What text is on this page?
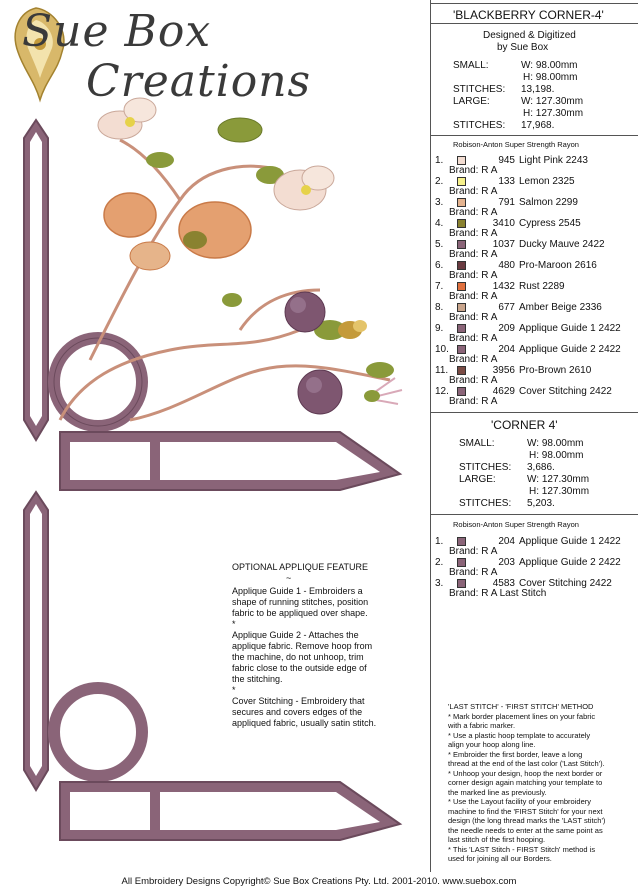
Sue Box
Creations
OPTIONAL APPLIQUE FEATURE
~
Applique Guide 1 - Embroiders a
shape of running stitches, position
fabric to be appliqued over shape.
*
Applique Guide 2 - Attaches the
applique fabric. Remove hoop from
the machine, do not unhoop, trim
fabric close to the outside edge of
the stitching.
*
Cover Stitching - Embroidery that
secures and covers edges of the
appliqued fabric, usually satin stitch.
'BLACKBERRY CORNER-4'
Designed & Digitized
by Sue Box
SMALL:	W: 98.00mm
H: 98.00mm
STITCHES: 13,198.
LARGE:	W: 127.30mm
H: 127.30mm
STITCHES: 17,968.
Robison-Anton Super Strength Rayon
1.	945 Light Pink 2243
Brand: R A
2.	133 Lemon 2325
Brand: R A
3.	791 Salmon 2299
Brand: R A
4.	3410 Cypress 2545
Brand: R A
5.	1037 Ducky Mauve 2422
Brand: R A
6.	480 Pro-Maroon 2616
Brand: R A
7.	1432 Rust 2289
Brand: R A
8.	677 Amber Beige 2336
Brand: R A
9.	209 Applique Guide 1 2422
Brand: R A
10.	204 Applique Guide 2 2422
Brand: R A
11.	3956 Pro-Brown 2610
Brand: R A
12.	4629 Cover Stitching 2422
Brand: R A
'CORNER 4'
SMALL:	W: 98.00mm
H: 98.00mm
STITCHES: 3,686.
LARGE:	W: 127.30mm
H: 127.30mm
STITCHES: 5,203.
Robison-Anton Super Strength Rayon
1.	204 Applique Guide 1 2422
Brand: R A
2.	203 Applique Guide 2 2422
Brand: R A
3.	4583 Cover Stitching 2422
Brand: R A Last Stitch
'LAST STITCH' - 'FIRST STITCH' METHOD
* Mark border placement lines on your fabric
with a fabric marker.
* Use a plastic hoop template to accurately
align your hoop along line.
* Embroider the first border, leave a long
thread at the end of the last color ('Last Stitch').
* Unhoop your design, hoop the next border or
corner design again matching your template to
the marked line as previously.
* Use the Layout facility of your embroidery
machine to find the 'FIRST Stitch' for your next
design (the long thread marks the 'LAST stitch')
the needle needs to enter at the same point as
last stitch of the first hooping.
* This 'LAST Stitch - FIRST Stitch' method is
used for joining all our Borders.
All Embroidery Designs Copyright© Sue Box Creations Pty. Ltd. 2001-2010. www.suebox.com
